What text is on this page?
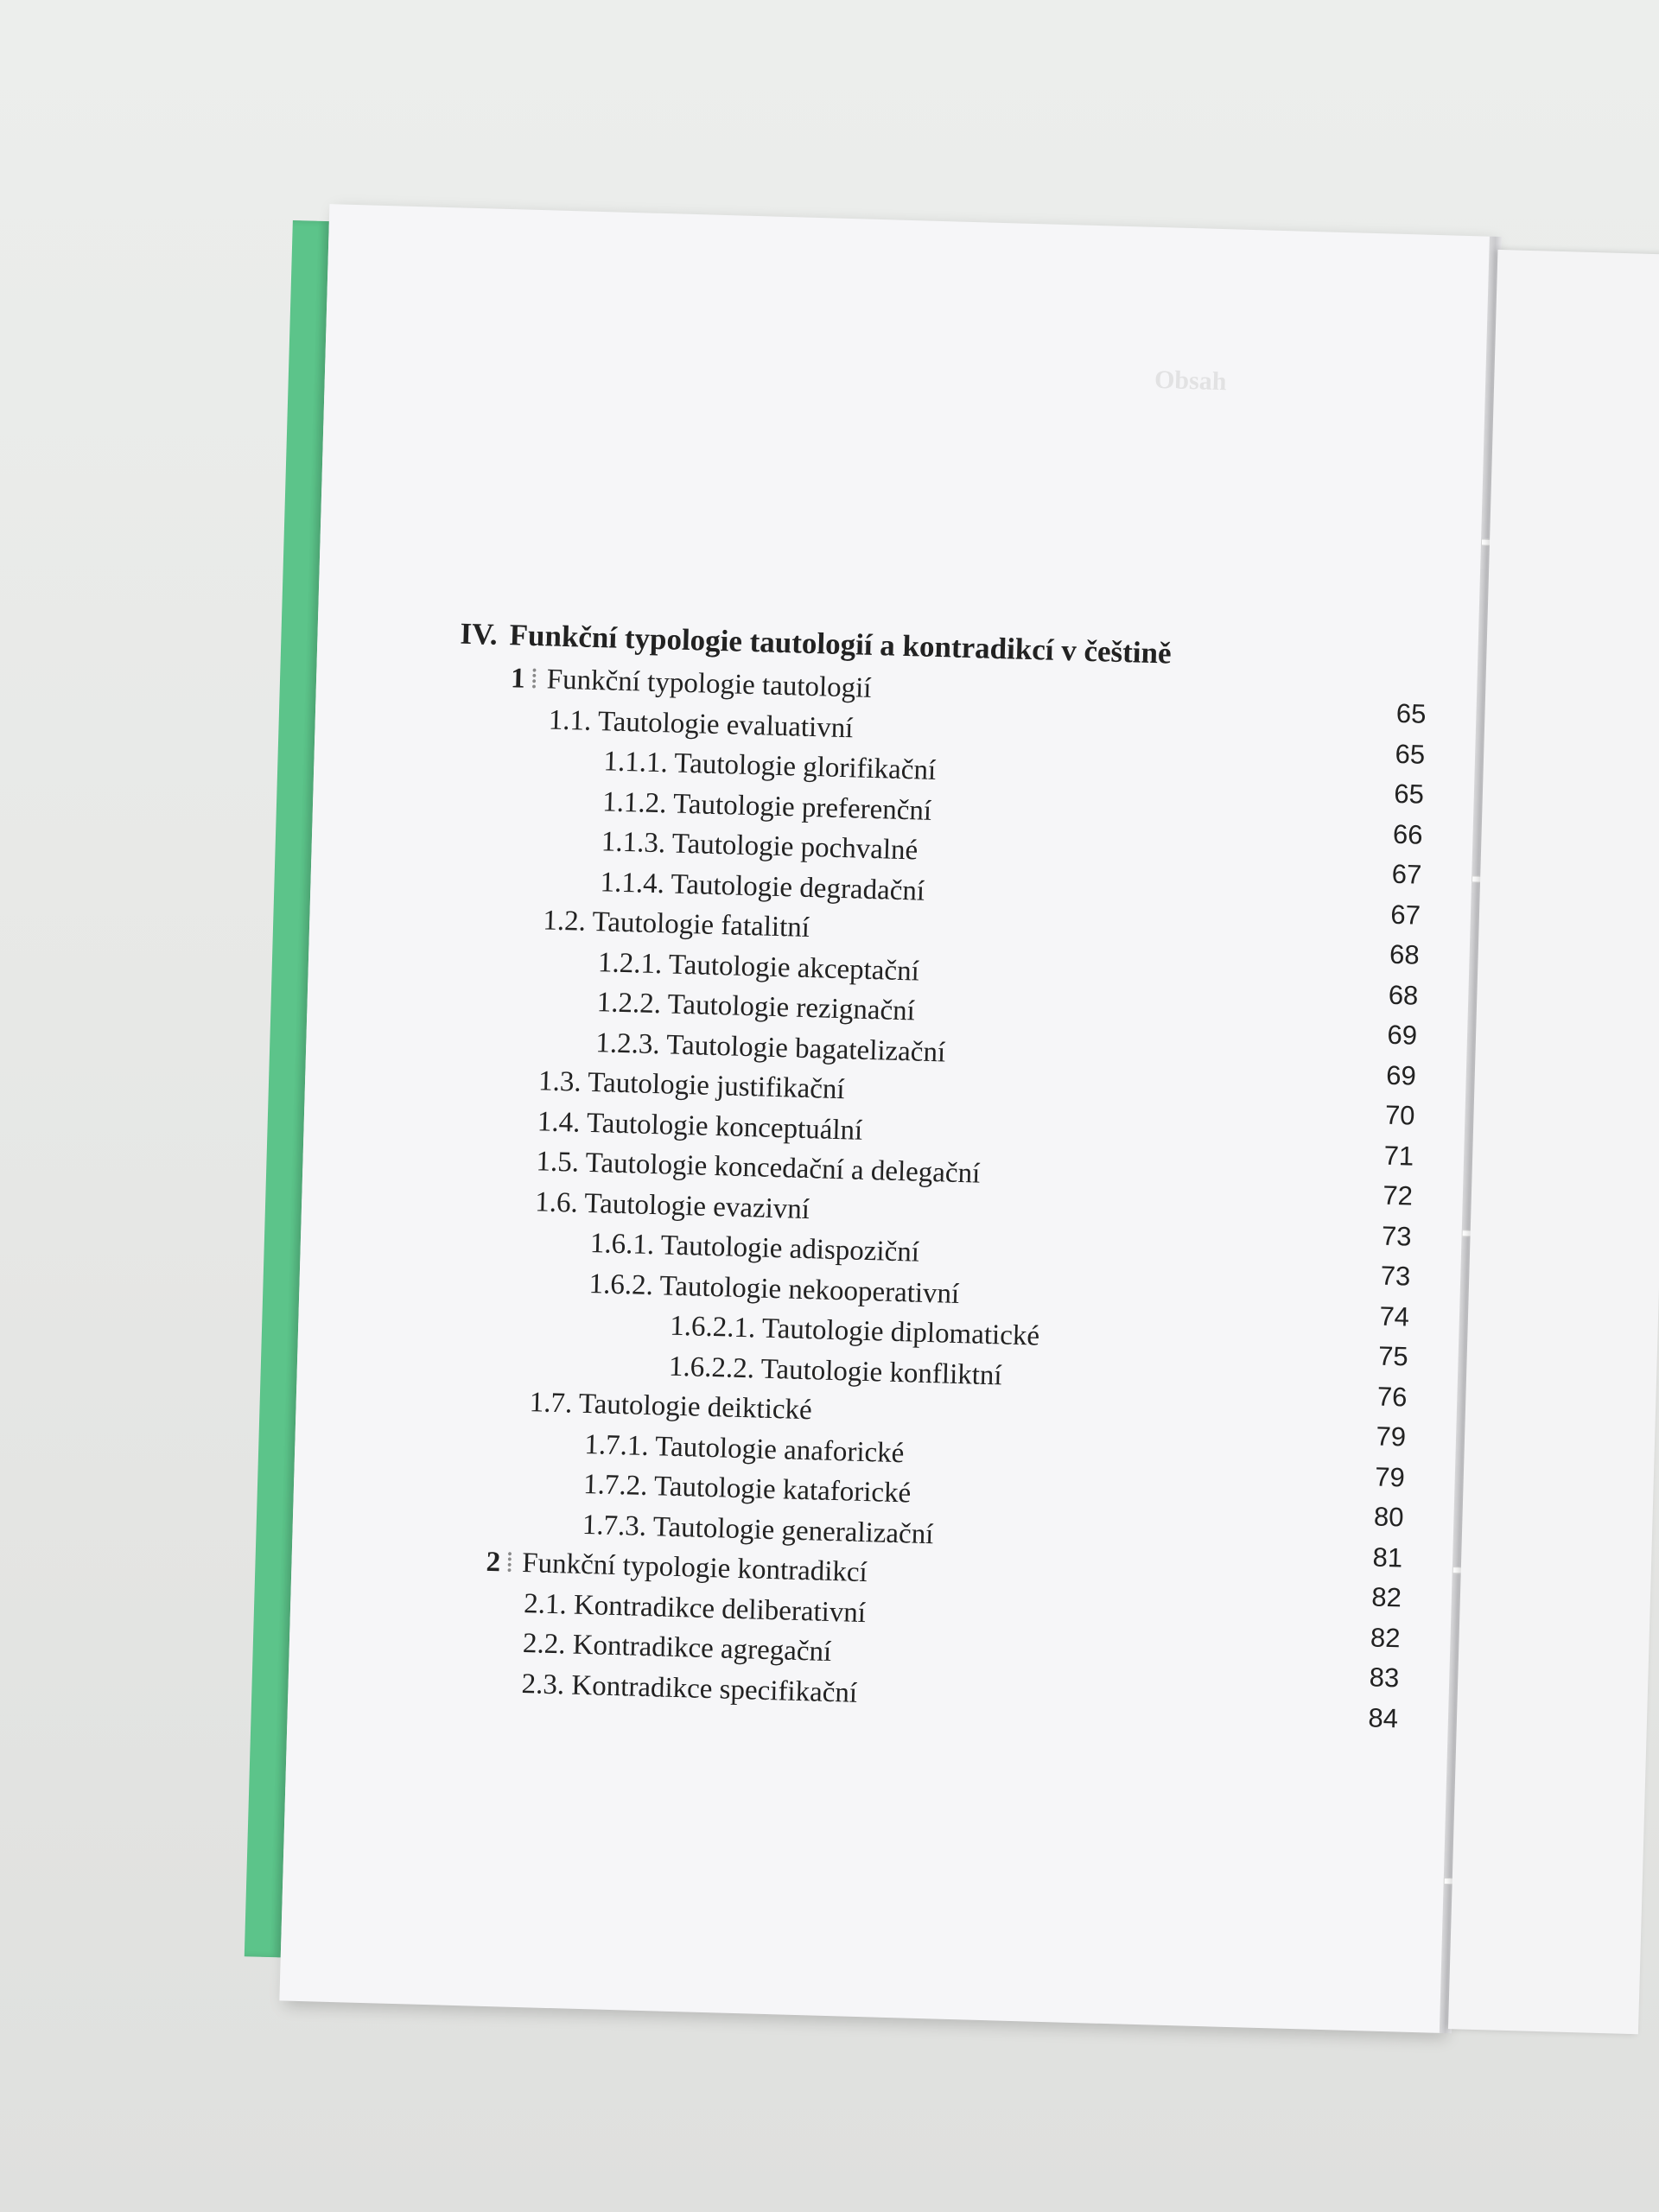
Obsah
IV. Funkční typologie tautologií a kontradikcí v češtině
1 ⁞ Funkční typologie tautologií
65
1.1. Tautologie evaluativní
65
1.1.1. Tautologie glorifikační
65
1.1.2. Tautologie preferenční
66
1.1.3. Tautologie pochvalné
67
1.1.4. Tautologie degradační
67
1.2. Tautologie fatalitní
68
1.2.1. Tautologie akceptační
68
1.2.2. Tautologie rezignační
69
1.2.3. Tautologie bagatelizační
69
1.3. Tautologie justifikační
70
1.4. Tautologie konceptuální
71
1.5. Tautologie koncedační a delegační
72
1.6. Tautologie evazivní
73
1.6.1. Tautologie adispoziční
73
1.6.2. Tautologie nekooperativní
74
1.6.2.1. Tautologie diplomatické
75
1.6.2.2. Tautologie konfliktní
76
1.7. Tautologie deiktické
79
1.7.1. Tautologie anaforické
79
1.7.2. Tautologie kataforické
80
1.7.3. Tautologie generalizační
81
2 ⁞ Funkční typologie kontradikcí
82
2.1. Kontradikce deliberativní
82
2.2. Kontradikce agregační
83
2.3. Kontradikce specifikační
84
